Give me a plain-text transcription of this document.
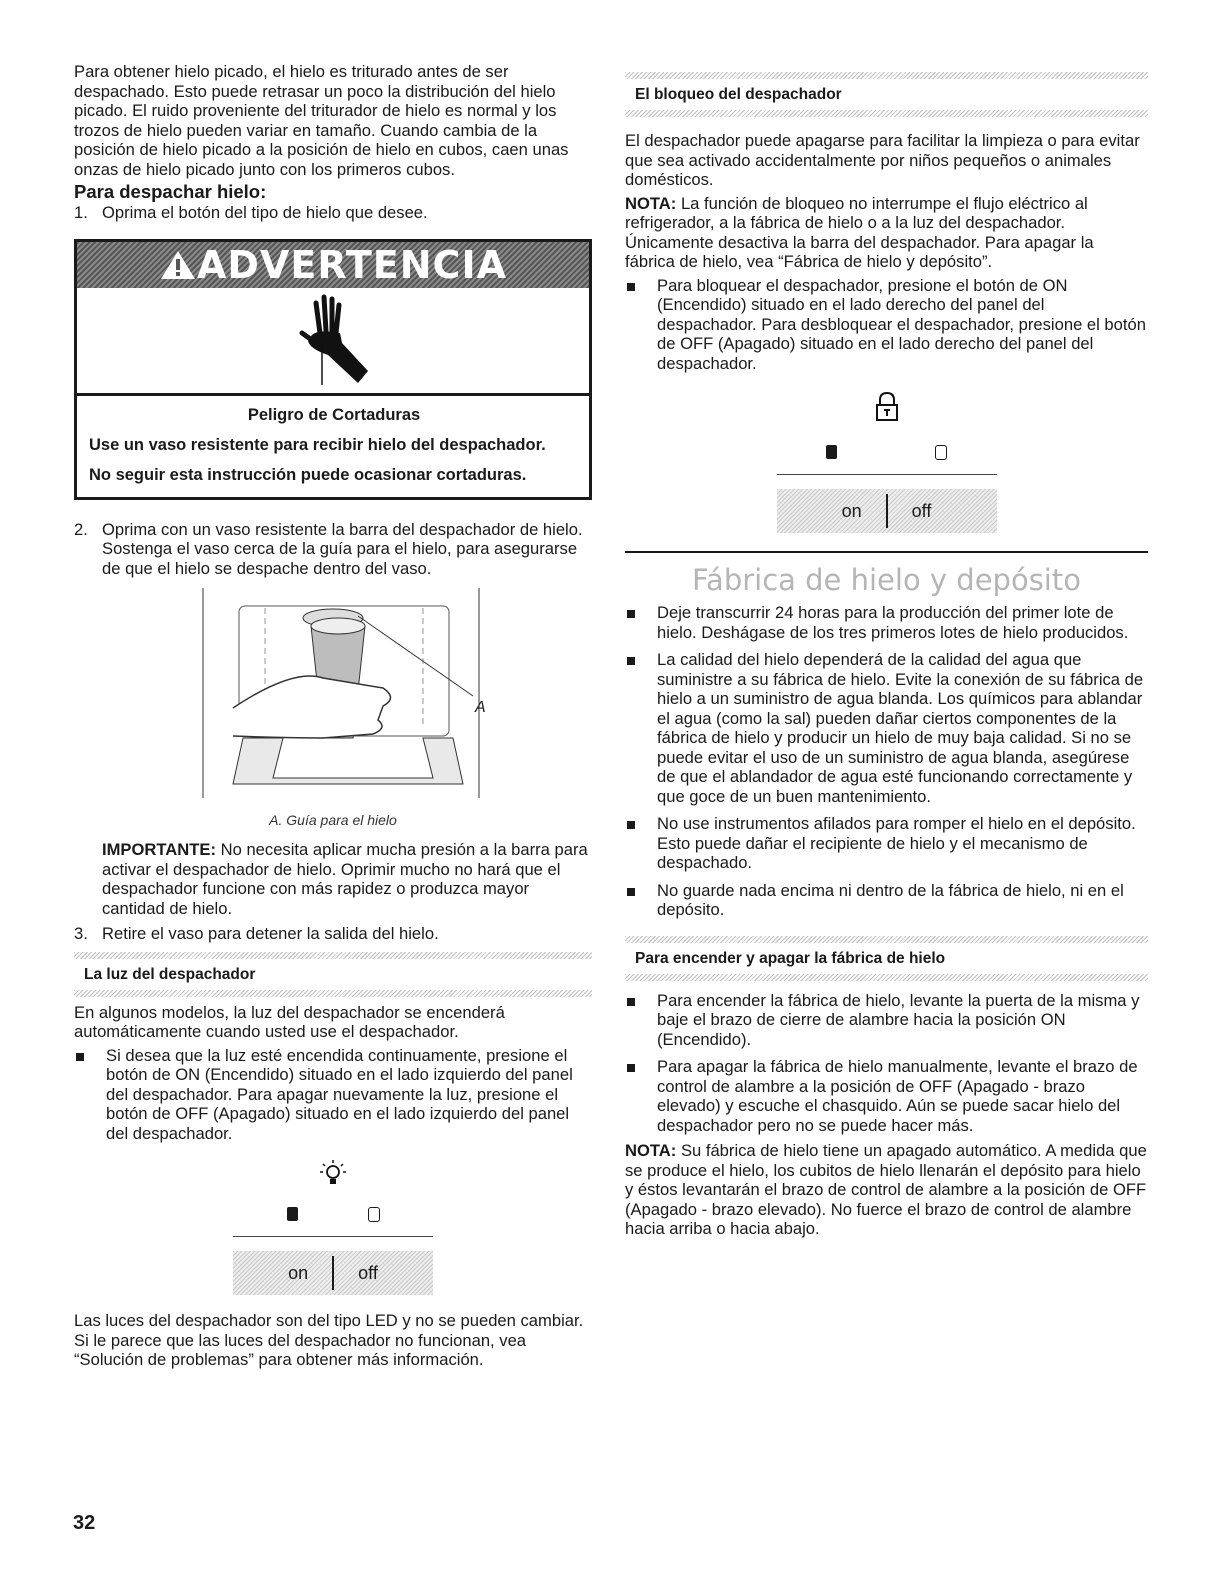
Para obtener hielo picado, el hielo es triturado antes de ser despachado. Esto puede retrasar un poco la distribución del hielo picado. El ruido proveniente del triturador de hielo es normal y los trozos de hielo pueden variar en tamaño. Cuando cambia de la posición de hielo picado a la posición de hielo en cubos, caen unas onzas de hielo picado junto con los primeros cubos.

Para despachar hielo:
1. Oprima el botón del tipo de hielo que desee.
ADVERTENCIA
Peligro de Cortaduras
Use un vaso resistente para recibir hielo del despachador.
No seguir esta instrucción puede ocasionar cortaduras.
2. Oprima con un vaso resistente la barra del despachador de hielo. Sostenga el vaso cerca de la guía para el hielo, para asegurarse de que el hielo se despache dentro del vaso.
A
A. Guía para el hielo

IMPORTANTE: No necesita aplicar mucha presión a la barra para activar el despachador de hielo. Oprimir mucho no hará que el despachador funcione con más rapidez o produzca mayor cantidad de hielo.

3. Retire el vaso para detener la salida del hielo.
La luz del despachador

En algunos modelos, la luz del despachador se encenderá automáticamente cuando usted use el despachador.

Si desea que la luz esté encendida continuamente, presione el botón de ON (Encendido) situado en el lado izquierdo del panel del despachador. Para apagar nuevamente la luz, presione el botón de OFF (Apagado) situado en el lado izquierdo del panel del despachador.
on	off

Las luces del despachador son del tipo LED y no se pueden cambiar. Si le parece que las luces del despachador no funcionan, vea “Solución de problemas” para obtener más información.

El bloqueo del despachador

El despachador puede apagarse para facilitar la limpieza o para evitar que sea activado accidentalmente por niños pequeños o animales domésticos.

NOTA: La función de bloqueo no interrumpe el flujo eléctrico al refrigerador, a la fábrica de hielo o a la luz del despachador. Únicamente desactiva la barra del despachador. Para apagar la fábrica de hielo, vea “Fábrica de hielo y depósito”.

Para bloquear el despachador, presione el botón de ON (Encendido) situado en el lado derecho del panel del despachador. Para desbloquear el despachador, presione el botón de OFF (Apagado) situado en el lado derecho del panel del despachador.
on	off
Fábrica de hielo y depósito
Deje transcurrir 24 horas para la producción del primer lote de hielo. Deshágase de los tres primeros lotes de hielo producidos.
La calidad del hielo dependerá de la calidad del agua que suministre a su fábrica de hielo. Evite la conexión de su fábrica de hielo a un suministro de agua blanda. Los químicos para ablandar el agua (como la sal) pueden dañar ciertos componentes de la fábrica de hielo y producir un hielo de muy baja calidad. Si no se puede evitar el uso de un suministro de agua blanda, asegúrese de que el ablandador de agua esté funcionando correctamente y que goce de un buen mantenimiento.
No use instrumentos afilados para romper el hielo en el depósito. Esto puede dañar el recipiente de hielo y el mecanismo de despachado.
No guarde nada encima ni dentro de la fábrica de hielo, ni en el depósito.
Para encender y apagar la fábrica de hielo
Para encender la fábrica de hielo, levante la puerta de la misma y baje el brazo de cierre de alambre hacia la posición ON (Encendido).
Para apagar la fábrica de hielo manualmente, levante el brazo de control de alambre a la posición de OFF (Apagado - brazo elevado) y escuche el chasquido. Aún se puede sacar hielo del despachador pero no se puede hacer más.

NOTA: Su fábrica de hielo tiene un apagado automático. A medida que se produce el hielo, los cubitos de hielo llenarán el depósito para hielo y éstos levantarán el brazo de control de alambre a la posición de OFF (Apagado - brazo elevado). No fuerce el brazo de control de alambre hacia arriba o hacia abajo.

32
